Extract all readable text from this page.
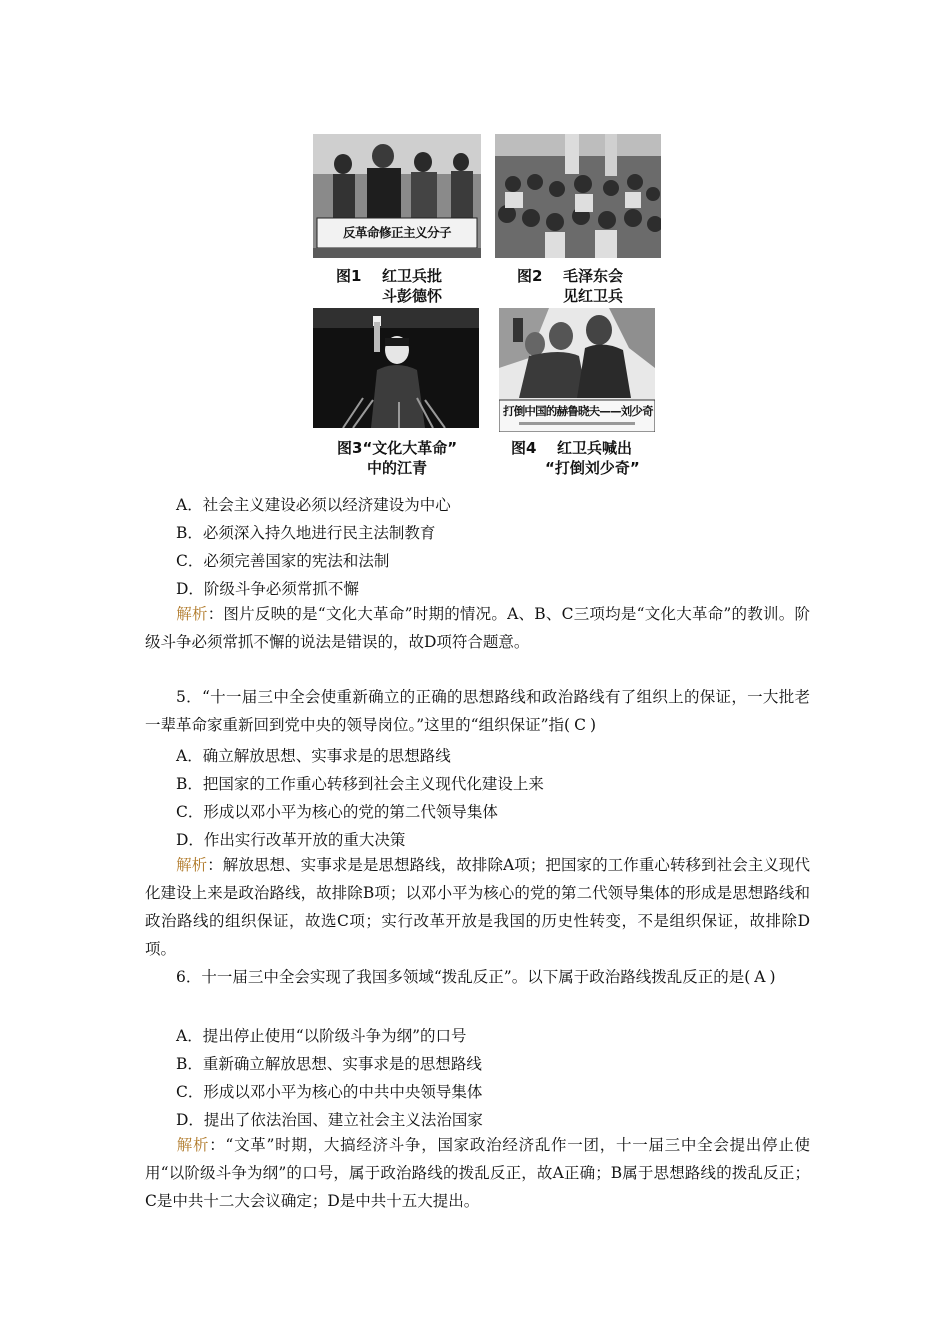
反革命修正主义分子
图1 红卫兵批
斗彭德怀
图2 毛泽东会
见红卫兵
图3“文化大革命”
中的江青
打倒中国的赫鲁晓夫——刘少奇
图4 红卫兵喊出
“打倒刘少奇”
A．社会主义建设必须以经济建设为中心
B．必须深入持久地进行民主法制教育
C．必须完善国家的宪法和法制
D．阶级斗争必须常抓不懈
解析：图片反映的是“文化大革命”时期的情况。A、B、C三项均是“文化大革命”的教训。阶级斗争必须常抓不懈的说法是错误的，故D项符合题意。
5．“十一届三中全会使重新确立的正确的思想路线和政治路线有了组织上的保证，一大批老一辈革命家重新回到党中央的领导岗位。”这里的“组织保证”指( C )
A．确立解放思想、实事求是的思想路线
B．把国家的工作重心转移到社会主义现代化建设上来
C．形成以邓小平为核心的党的第二代领导集体
D．作出实行改革开放的重大决策
解析：解放思想、实事求是是思想路线，故排除A项；把国家的工作重心转移到社会主义现代化建设上来是政治路线，故排除B项；以邓小平为核心的党的第二代领导集体的形成是思想路线和政治路线的组织保证，故选C项；实行改革开放是我国的历史性转变，不是组织保证，故排除D项。
6．十一届三中全会实现了我国多领域“拨乱反正”。以下属于政治路线拨乱反正的是( A )
A．提出停止使用“以阶级斗争为纲”的口号
B．重新确立解放思想、实事求是的思想路线
C．形成以邓小平为核心的中共中央领导集体
D．提出了依法治国、建立社会主义法治国家
解析：“文革”时期，大搞经济斗争，国家政治经济乱作一团，十一届三中全会提出停止使用“以阶级斗争为纲”的口号，属于政治路线的拨乱反正，故A正确；B属于思想路线的拨乱反正；C是中共十二大会议确定；D是中共十五大提出。
